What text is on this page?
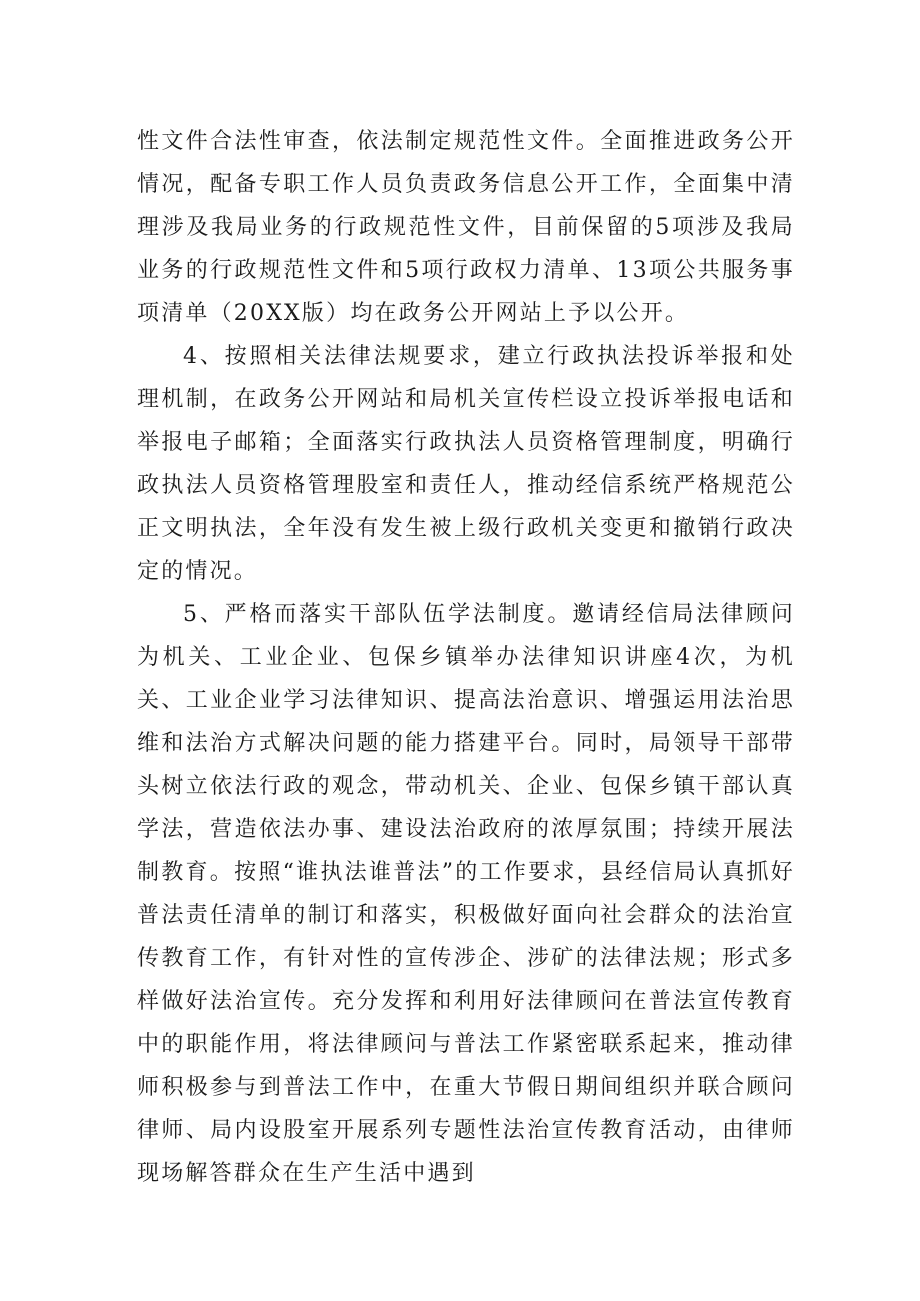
性文件合法性审查，依法制定规范性文件。全面推进政务公开情况，配备专职工作人员负责政务信息公开工作，全面集中清理涉及我局业务的行政规范性文件，目前保留的5项涉及我局业务的行政规范性文件和5项行政权力清单、13项公共服务事项清单（20XX版）均在政务公开网站上予以公开。

4、按照相关法律法规要求，建立行政执法投诉举报和处理机制，在政务公开网站和局机关宣传栏设立投诉举报电话和举报电子邮箱；全面落实行政执法人员资格管理制度，明确行政执法人员资格管理股室和责任人，推动经信系统严格规范公正文明执法，全年没有发生被上级行政机关变更和撤销行政决定的情况。

5、严格而落实干部队伍学法制度。邀请经信局法律顾问为机关、工业企业、包保乡镇举办法律知识讲座4次，为机关、工业企业学习法律知识、提高法治意识、增强运用法治思维和法治方式解决问题的能力搭建平台。同时，局领导干部带头树立依法行政的观念，带动机关、企业、包保乡镇干部认真学法，营造依法办事、建设法治政府的浓厚氛围；持续开展法制教育。按照“谁执法谁普法”的工作要求，县经信局认真抓好普法责任清单的制订和落实，积极做好面向社会群众的法治宣传教育工作，有针对性的宣传涉企、涉矿的法律法规；形式多样做好法治宣传。充分发挥和利用好法律顾问在普法宣传教育中的职能作用，将法律顾问与普法工作紧密联系起来，推动律师积极参与到普法工作中，在重大节假日期间组织并联合顾问律师、局内设股室开展系列专题性法治宣传教育活动，由律师现场解答群众在生产生活中遇到
